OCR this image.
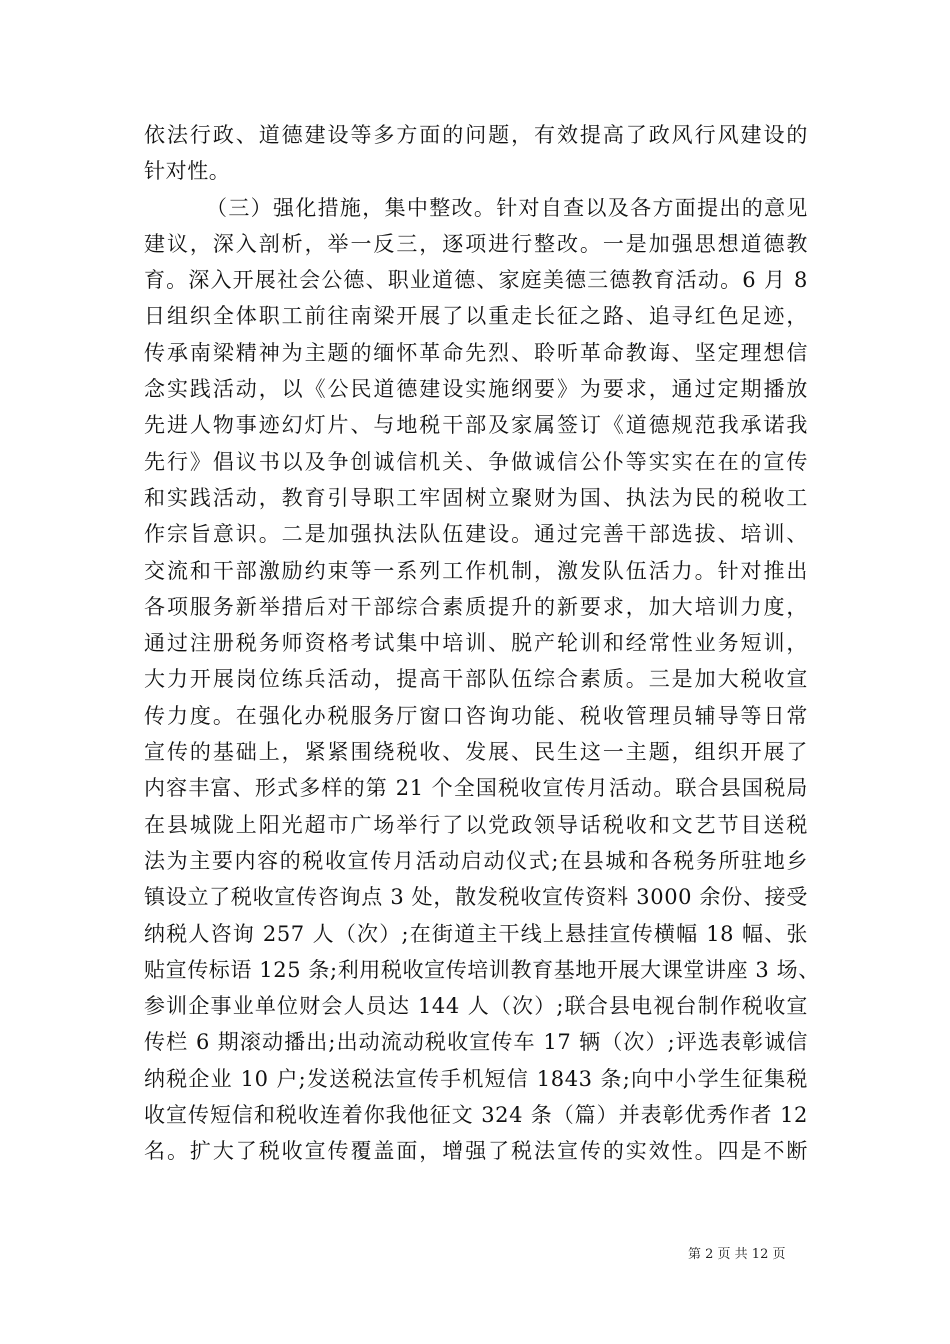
依法行政、道德建设等多方面的问题，有效提高了政风行风建设的
针对性。
（三）强化措施，集中整改。针对自查以及各方面提出的意见
建议，深入剖析，举一反三，逐项进行整改。一是加强思想道德教
育。深入开展社会公德、职业道德、家庭美德三德教育活动。6 月 8
日组织全体职工前往南梁开展了以重走长征之路、追寻红色足迹，
传承南梁精神为主题的缅怀革命先烈、聆听革命教诲、坚定理想信
念实践活动，以《公民道德建设实施纲要》为要求，通过定期播放
先进人物事迹幻灯片、与地税干部及家属签订《道德规范我承诺我
先行》倡议书以及争创诚信机关、争做诚信公仆等实实在在的宣传
和实践活动，教育引导职工牢固树立聚财为国、执法为民的税收工
作宗旨意识。二是加强执法队伍建设。通过完善干部选拔、培训、
交流和干部激励约束等一系列工作机制，激发队伍活力。针对推出
各项服务新举措后对干部综合素质提升的新要求，加大培训力度，
通过注册税务师资格考试集中培训、脱产轮训和经常性业务短训，
大力开展岗位练兵活动，提高干部队伍综合素质。三是加大税收宣
传力度。在强化办税服务厅窗口咨询功能、税收管理员辅导等日常
宣传的基础上，紧紧围绕税收、发展、民生这一主题，组织开展了
内容丰富、形式多样的第 21 个全国税收宣传月活动。联合县国税局
在县城陇上阳光超市广场举行了以党政领导话税收和文艺节目送税
法为主要内容的税收宣传月活动启动仪式;在县城和各税务所驻地乡
镇设立了税收宣传咨询点 3 处，散发税收宣传资料 3000 余份、接受
纳税人咨询 257 人（次）;在街道主干线上悬挂宣传横幅 18 幅、张
贴宣传标语 125 条;利用税收宣传培训教育基地开展大课堂讲座 3 场、
参训企事业单位财会人员达 144 人（次）;联合县电视台制作税收宣
传栏 6 期滚动播出;出动流动税收宣传车 17 辆（次）;评选表彰诚信
纳税企业 10 户;发送税法宣传手机短信 1843 条;向中小学生征集税
收宣传短信和税收连着你我他征文 324 条（篇）并表彰优秀作者 12
名。扩大了税收宣传覆盖面，增强了税法宣传的实效性。四是不断
第 2 页 共 12 页
